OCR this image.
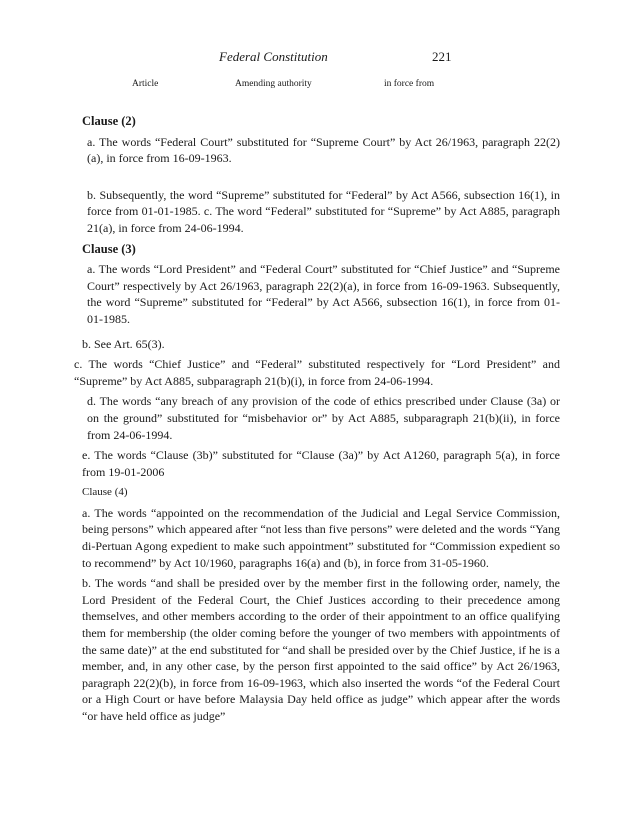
Federal Constitution	221
Article	Amending authority	in force from

Clause (2)

a. The words “Federal Court” substituted for “Supreme Court” by Act 26/1963, paragraph 22(2)(a), in force from 16-09-1963.

b. Subsequently, the word “Supreme” substituted for “Federal” by Act A566, subsection 16(1), in force from 01-01-1985. c. The word “Federal” substituted for “Supreme” by Act A885, paragraph 21(a), in force from 24-06-1994.

Clause (3)

a. The words “Lord President” and “Federal Court” substituted for “Chief Justice” and “Supreme Court” respectively by Act 26/1963, paragraph 22(2)(a), in force from 16-09-1963. Subsequently, the word “Supreme” substituted for “Federal” by Act A566, subsection 16(1), in force from 01-01-1985.

b. See Art. 65(3).

c. The words “Chief Justice” and “Federal” substituted respectively for “Lord President” and “Supreme” by Act A885, subparagraph 21(b)(i), in force from 24-06-1994.

d. The words “any breach of any provision of the code of ethics prescribed under Clause (3a) or on the ground” substituted for “misbehavior or” by Act A885, subparagraph 21(b)(ii), in force from 24-06-1994.

e. The words “Clause (3b)” substituted for “Clause (3a)” by Act A1260, paragraph 5(a), in force from 19-01-2006

Clause (4)

a. The words “appointed on the recommendation of the Judicial and Legal Service Commission, being persons” which appeared after “not less than five persons” were deleted and the words “Yang di-Pertuan Agong expedient to make such appointment” substituted for “Commission expedient so to recommend” by Act 10/1960, paragraphs 16(a) and (b), in force from 31-05-1960.

b. The words “and shall be presided over by the member first in the following order, namely, the Lord President of the Federal Court, the Chief Justices according to their precedence among themselves, and other members according to the order of their appointment to an office qualifying them for membership (the older coming before the younger of two members with appointments of the same date)” at the end substituted for “and shall be presided over by the Chief Justice, if he is a member, and, in any other case, by the person first appointed to the said office” by Act 26/1963, paragraph 22(2)(b), in force from 16-09-1963, which also inserted the words “of the Federal Court or a High Court or have before Malaysia Day held office as judge” which appear after the words “or have held office as judge”
